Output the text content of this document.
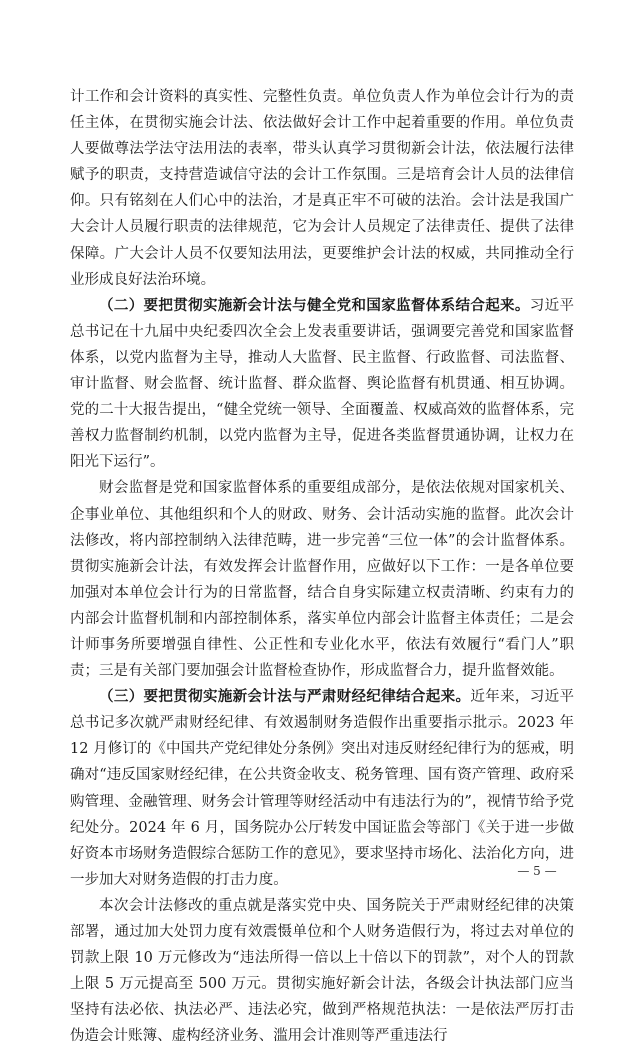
计工作和会计资料的真实性、完整性负责。单位负责人作为单位会计行为的责任主体，在贯彻实施会计法、依法做好会计工作中起着重要的作用。单位负责人要做尊法学法守法用法的表率，带头认真学习贯彻新会计法，依法履行法律赋予的职责，支持营造诚信守法的会计工作氛围。三是培育会计人员的法律信仰。只有铭刻在人们心中的法治，才是真正牢不可破的法治。会计法是我国广大会计人员履行职责的法律规范，它为会计人员规定了法律责任、提供了法律保障。广大会计人员不仅要知法用法，更要维护会计法的权威，共同推动全行业形成良好法治环境。

（二）要把贯彻实施新会计法与健全党和国家监督体系结合起来。习近平总书记在十九届中央纪委四次全会上发表重要讲话，强调要完善党和国家监督体系，以党内监督为主导，推动人大监督、民主监督、行政监督、司法监督、审计监督、财会监督、统计监督、群众监督、舆论监督有机贯通、相互协调。党的二十大报告提出，“健全党统一领导、全面覆盖、权威高效的监督体系，完善权力监督制约机制，以党内监督为主导，促进各类监督贯通协调，让权力在阳光下运行”。

财会监督是党和国家监督体系的重要组成部分，是依法依规对国家机关、企事业单位、其他组织和个人的财政、财务、会计活动实施的监督。此次会计法修改，将内部控制纳入法律范畴，进一步完善“三位一体”的会计监督体系。贯彻实施新会计法，有效发挥会计监督作用，应做好以下工作：一是各单位要加强对本单位会计行为的日常监督，结合自身实际建立权责清晰、约束有力的内部会计监督机制和内部控制体系，落实单位内部会计监督主体责任；二是会计师事务所要增强自律性、公正性和专业化水平，依法有效履行“看门人”职责；三是有关部门要加强会计监督检查协作，形成监督合力，提升监督效能。

（三）要把贯彻实施新会计法与严肃财经纪律结合起来。近年来，习近平总书记多次就严肃财经纪律、有效遏制财务造假作出重要指示批示。2023 年 12 月修订的《中国共产党纪律处分条例》突出对违反财经纪律行为的惩戒，明确对“违反国家财经纪律，在公共资金收支、税务管理、国有资产管理、政府采购管理、金融管理、财务会计管理等财经活动中有违法行为的”，视情节给予党纪处分。2024 年 6 月，国务院办公厅转发中国证监会等部门《关于进一步做好资本市场财务造假综合惩防工作的意见》，要求坚持市场化、法治化方向，进一步加大对财务造假的打击力度。

本次会计法修改的重点就是落实党中央、国务院关于严肃财经纪律的决策部署，通过加大处罚力度有效震慑单位和个人财务造假行为，将过去对单位的罚款上限 10 万元修改为“违法所得一倍以上十倍以下的罚款”，对个人的罚款上限 5 万元提高至 500 万元。贯彻实施好新会计法，各级会计执法部门应当坚持有法必依、执法必严、违法必究，做到严格规范执法：一是依法严厉打击伪造会计账簿、虚构经济业务、滥用会计准则等严重违法行

— 5 —
